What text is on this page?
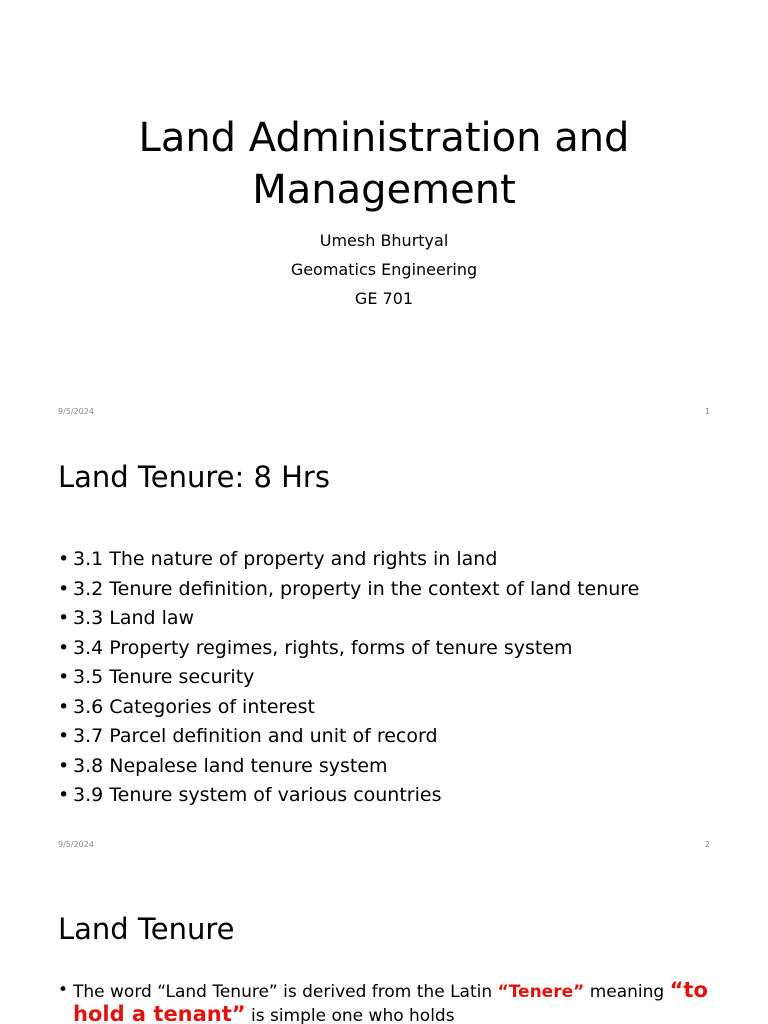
Land Administration and
Management
Umesh Bhurtyal
Geomatics Engineering
GE 701
9/5/2024	1
Land Tenure: 8 Hrs
• 3.1 The nature of property and rights in land
• 3.2 Tenure definition, property in the context of land tenure
• 3.3 Land law
• 3.4 Property regimes, rights, forms of tenure system
• 3.5 Tenure security
• 3.6 Categories of interest
• 3.7 Parcel definition and unit of record
• 3.8 Nepalese land tenure system
• 3.9 Tenure system of various countries
9/5/2024	2
Land Tenure
• The word “Land Tenure” is derived from the Latin “Tenere” meaning “to hold a tenant” is simple one who holds
